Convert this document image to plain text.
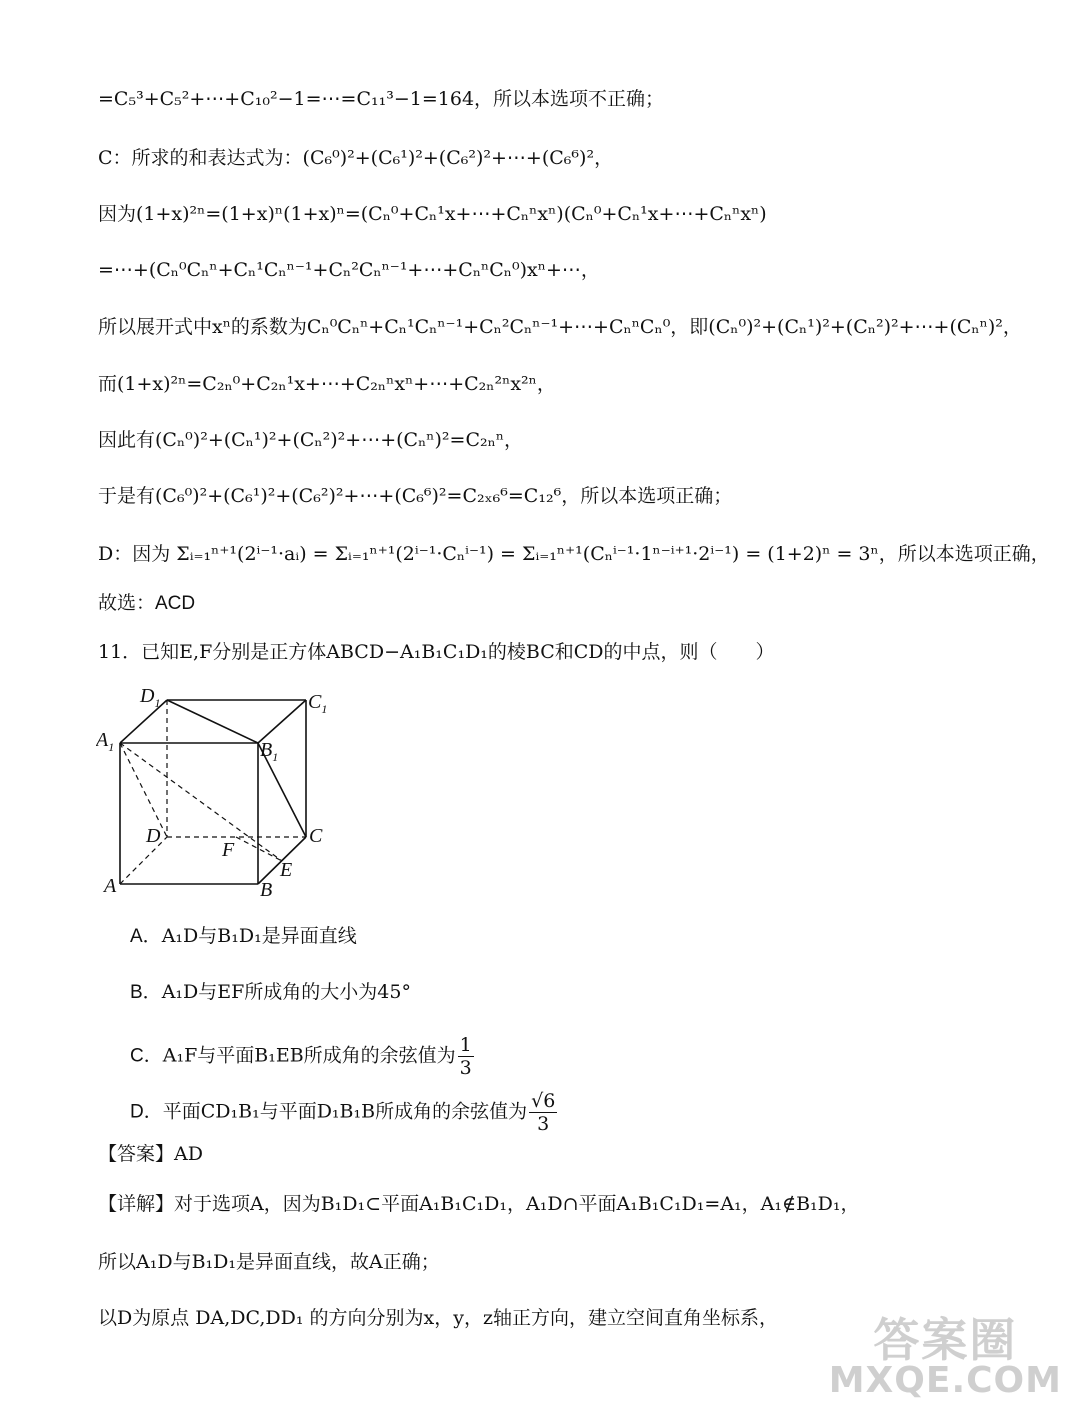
=C₅³+C₅²+⋯+C₁₀²−1=⋯=C₁₁³−1=164，所以本选项不正确；
C：所求的和表达式为：(C₆⁰)²+(C₆¹)²+(C₆²)²+⋯+(C₆⁶)²，
因为(1+x)²ⁿ=(1+x)ⁿ(1+x)ⁿ=(Cₙ⁰+Cₙ¹x+⋯+Cₙⁿxⁿ)(Cₙ⁰+Cₙ¹x+⋯+Cₙⁿxⁿ)
=⋯+(Cₙ⁰Cₙⁿ+Cₙ¹Cₙⁿ⁻¹+Cₙ²Cₙⁿ⁻¹+⋯+CₙⁿCₙ⁰)xⁿ+⋯，
所以展开式中xⁿ的系数为Cₙ⁰Cₙⁿ+Cₙ¹Cₙⁿ⁻¹+Cₙ²Cₙⁿ⁻¹+⋯+CₙⁿCₙ⁰，即(Cₙ⁰)²+(Cₙ¹)²+(Cₙ²)²+⋯+(Cₙⁿ)²，
而(1+x)²ⁿ=C₂ₙ⁰+C₂ₙ¹x+⋯+C₂ₙⁿxⁿ+⋯+C₂ₙ²ⁿx²ⁿ，
因此有(Cₙ⁰)²+(Cₙ¹)²+(Cₙ²)²+⋯+(Cₙⁿ)²=C₂ₙⁿ，
于是有(C₆⁰)²+(C₆¹)²+(C₆²)²+⋯+(C₆⁶)²=C₂ₓ₆⁶=C₁₂⁶，所以本选项正确；
D：因为 Σᵢ₌₁ⁿ⁺¹(2ⁱ⁻¹·aᵢ) = Σᵢ₌₁ⁿ⁺¹(2ⁱ⁻¹·Cₙⁱ⁻¹) = Σᵢ₌₁ⁿ⁺¹(Cₙⁱ⁻¹·1ⁿ⁻ⁱ⁺¹·2ⁱ⁻¹) = (1+2)ⁿ = 3ⁿ，所以本选项正确，
故选：ACD
11．已知E,F分别是正方体ABCD−A₁B₁C₁D₁的棱BC和CD的中点，则（　　）
$D_1$	$C_1$
$A_1$	$B_1$
D	C
F
E
A	B
A．A₁D与B₁D₁是异面直线
B．A₁D与EF所成角的大小为45°
C．A₁F与平面B₁EB所成角的余弦值为 $\frac{1}{3}$
D．平面CD₁B₁与平面D₁B₁B所成角的余弦值为 $\frac{√6}{3}$
【答案】AD
【详解】对于选项A，因为B₁D₁⊂平面A₁B₁C₁D₁，A₁D∩平面A₁B₁C₁D₁=A₁，A₁∉B₁D₁，
所以A₁D与B₁D₁是异面直线，故A正确；
以D为原点 DA,DC,DD₁ 的方向分别为x，y，z轴正方向，建立空间直角坐标系，	答案圈
MXQE.COM
